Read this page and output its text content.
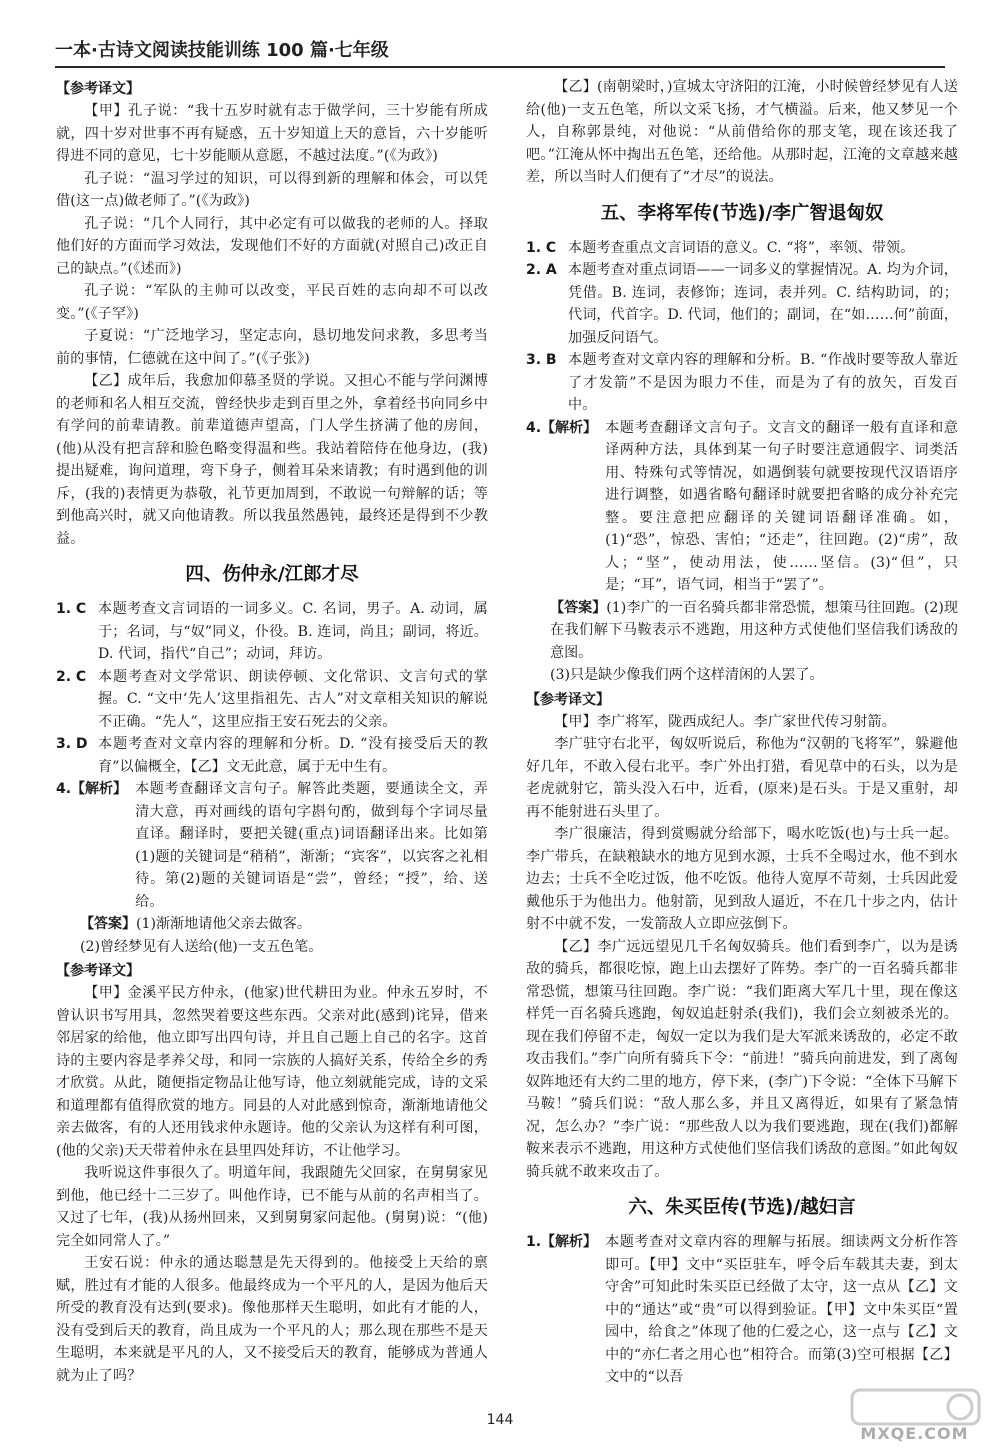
一本·古诗文阅读技能训练 100 篇·七年级
【参考译文】

【甲】孔子说：“我十五岁时就有志于做学问，三十岁能有所成就，四十岁对世事不再有疑惑，五十岁知道上天的意旨，六十岁能听得进不同的意见，七十岁能顺从意愿，不越过法度。”(《为政》)

孔子说：“温习学过的知识，可以得到新的理解和体会，可以凭借(这一点)做老师了。”(《为政》)

孔子说：“几个人同行，其中必定有可以做我的老师的人。择取他们好的方面而学习效法，发现他们不好的方面就(对照自己)改正自己的缺点。”(《述而》)

孔子说：“军队的主帅可以改变，平民百姓的志向却不可以改变。”(《子罕》)

子夏说：“广泛地学习，坚定志向，恳切地发问求教，多思考当前的事情，仁德就在这中间了。”(《子张》)

【乙】成年后，我愈加仰慕圣贤的学说。又担心不能与学问渊博的老师和名人相互交流，曾经快步走到百里之外，拿着经书向同乡中有学问的前辈请教。前辈道德声望高，门人学生挤满了他的房间，(他)从没有把言辞和脸色略变得温和些。我站着陪侍在他身边，(我)提出疑难，询问道理，弯下身子，侧着耳朵来请教；有时遇到他的训斥，(我的)表情更为恭敬，礼节更加周到，不敢说一句辩解的话；等到他高兴时，就又向他请教。所以我虽然愚钝，最终还是得到不少教益。

四、伤仲永/江郎才尽
1. C 本题考查文言词语的一词多义。C. 名词，男子。A. 动词，属于；名词，与“奴”同义，仆役。B. 连词，尚且；副词，将近。D. 代词，指代“自己”；动词，拜访。
2. C 本题考查对文学常识、朗读停顿、文化常识、文言句式的掌握。C. “文中‘先人’这里指祖先、古人”对文章相关知识的解说不正确。“先人”，这里应指王安石死去的父亲。
3. D 本题考查对文章内容的理解和分析。D. “没有接受后天的教育”以偏概全，【乙】文无此意，属于无中生有。
4.【解析】 本题考查翻译文言句子。解答此类题，要通读全文，弄清大意，再对画线的语句字斟句酌，做到每个字词尽量直译。翻译时，要把关键(重点)词语翻译出来。比如第(1)题的关键词是“稍稍”，渐渐；“宾客”，以宾客之礼相待。第(2)题的关键词语是“尝”，曾经；“授”，给、送给。
【答案】(1)渐渐地请他父亲去做客。
(2)曾经梦见有人送给(他)一支五色笔。
【参考译文】

【甲】金溪平民方仲永，(他家)世代耕田为业。仲永五岁时，不曾认识书写用具，忽然哭着要这些东西。父亲对此(感到)诧异，借来邻居家的给他，他立即写出四句诗，并且自己题上自己的名字。这首诗的主要内容是孝养父母，和同一宗族的人搞好关系，传给全乡的秀才欣赏。从此，随便指定物品让他写诗，他立刻就能完成，诗的文采和道理都有值得欣赏的地方。同县的人对此感到惊奇，渐渐地请他父亲去做客，有的人还用钱求仲永题诗。他的父亲认为这样有利可图，(他的父亲)天天带着仲永在县里四处拜访，不让他学习。

我听说这件事很久了。明道年间，我跟随先父回家，在舅舅家见到他，他已经十二三岁了。叫他作诗，已不能与从前的名声相当了。又过了七年，(我)从扬州回来，又到舅舅家问起他。(舅舅)说：“(他)完全如同常人了。”

王安石说：仲永的通达聪慧是先天得到的。他接受上天给的禀赋，胜过有才能的人很多。他最终成为一个平凡的人，是因为他后天所受的教育没有达到(要求)。像他那样天生聪明，如此有才能的人，没有受到后天的教育，尚且成为一个平凡的人；那么现在那些不是天生聪明，本来就是平凡的人，又不接受后天的教育，能够成为普通人就为止了吗？

【乙】(南朝梁时，)宣城太守济阳的江淹，小时候曾经梦见有人送给(他)一支五色笔，所以文采飞扬，才气横溢。后来，他又梦见一个人，自称郭景纯，对他说：“从前借给你的那支笔，现在该还我了吧。”江淹从怀中掏出五色笔，还给他。从那时起，江淹的文章越来越差，所以当时人们便有了“才尽”的说法。

五、李将军传(节选)/李广智退匈奴
1. C 本题考查重点文言词语的意义。C. “将”，率领、带领。
2. A 本题考查对重点词语——一词多义的掌握情况。A. 均为介词，凭借。B. 连词，表修饰；连词，表并列。C. 结构助词，的；代词，代首字。D. 代词，他们的；副词，在“如……何”前面，加强反问语气。
3. B 本题考查对文章内容的理解和分析。B. “作战时要等敌人靠近了才发箭”不是因为眼力不佳，而是为了有的放矢，百发百中。
4.【解析】 本题考查翻译文言句子。文言文的翻译一般有直译和意译两种方法，具体到某一句子时要注意通假字、词类活用、特殊句式等情况，如遇倒装句就要按现代汉语语序进行调整，如遇省略句翻译时就要把省略的成分补充完整。要注意把应翻译的关键词语翻译准确。如，(1)“恐”，惊恐、害怕；“还走”，往回跑。(2)“虏”，敌人；“坚”，使动用法，使……坚信。(3)“但”，只是；“耳”，语气词，相当于“罢了”。
【答案】(1)李广的一百名骑兵都非常恐慌，想策马往回跑。(2)现在我们解下马鞍表示不逃跑，用这种方式使他们坚信我们诱敌的意图。
(3)只是缺少像我们两个这样清闲的人罢了。
【参考译文】

【甲】李广将军，陇西成纪人。李广家世代传习射箭。

李广驻守右北平，匈奴听说后，称他为“汉朝的飞将军”，躲避他好几年，不敢入侵右北平。李广外出打猎，看见草中的石头，以为是老虎就射它，箭头没入石中，近看，(原来)是石头。于是又重射，却再不能射进石头里了。

李广很廉洁，得到赏赐就分给部下，喝水吃饭(也)与士兵一起。李广带兵，在缺粮缺水的地方见到水源，士兵不全喝过水，他不到水边去；士兵不全吃过饭，他不吃饭。他待人宽厚不苛刻，士兵因此爱戴他乐于为他出力。他射箭，见到敌人逼近，不在几十步之内，估计射不中就不发，一发箭敌人立即应弦倒下。

【乙】李广远远望见几千名匈奴骑兵。他们看到李广，以为是诱敌的骑兵，都很吃惊，跑上山去摆好了阵势。李广的一百名骑兵都非常恐慌，想策马往回跑。李广说：“我们距离大军几十里，现在像这样凭一百名骑兵逃跑，匈奴追赶射杀(我们)，我们会立刻被杀光的。现在我们停留不走，匈奴一定以为我们是大军派来诱敌的，必定不敢攻击我们。”李广向所有骑兵下令：“前进！”骑兵向前进发，到了离匈奴阵地还有大约二里的地方，停下来，(李广)下令说：“全体下马解下马鞍！”骑兵们说：“敌人那么多，并且又离得近，如果有了紧急情况，怎么办？”李广说：“那些敌人以为我们要逃跑，现在(我们)都解鞍来表示不逃跑，用这种方式使他们坚信我们诱敌的意图。”如此匈奴骑兵就不敢来攻击了。

六、朱买臣传(节选)/越妇言
1.【解析】 本题考查对文章内容的理解与拓展。细读两文分析作答即可。【甲】文中“买臣驻车，呼令后车载其夫妻，到太守舍”可知此时朱买臣已经做了太守，这一点从【乙】文中的“通达”或“贵”可以得到验证。【甲】文中朱买臣“置园中，给食之”体现了他的仁爱之心，这一点与【乙】文中的“亦仁者之用心也”相符合。而第(3)空可根据【乙】文中的“以吾
144
MXQE.COM
